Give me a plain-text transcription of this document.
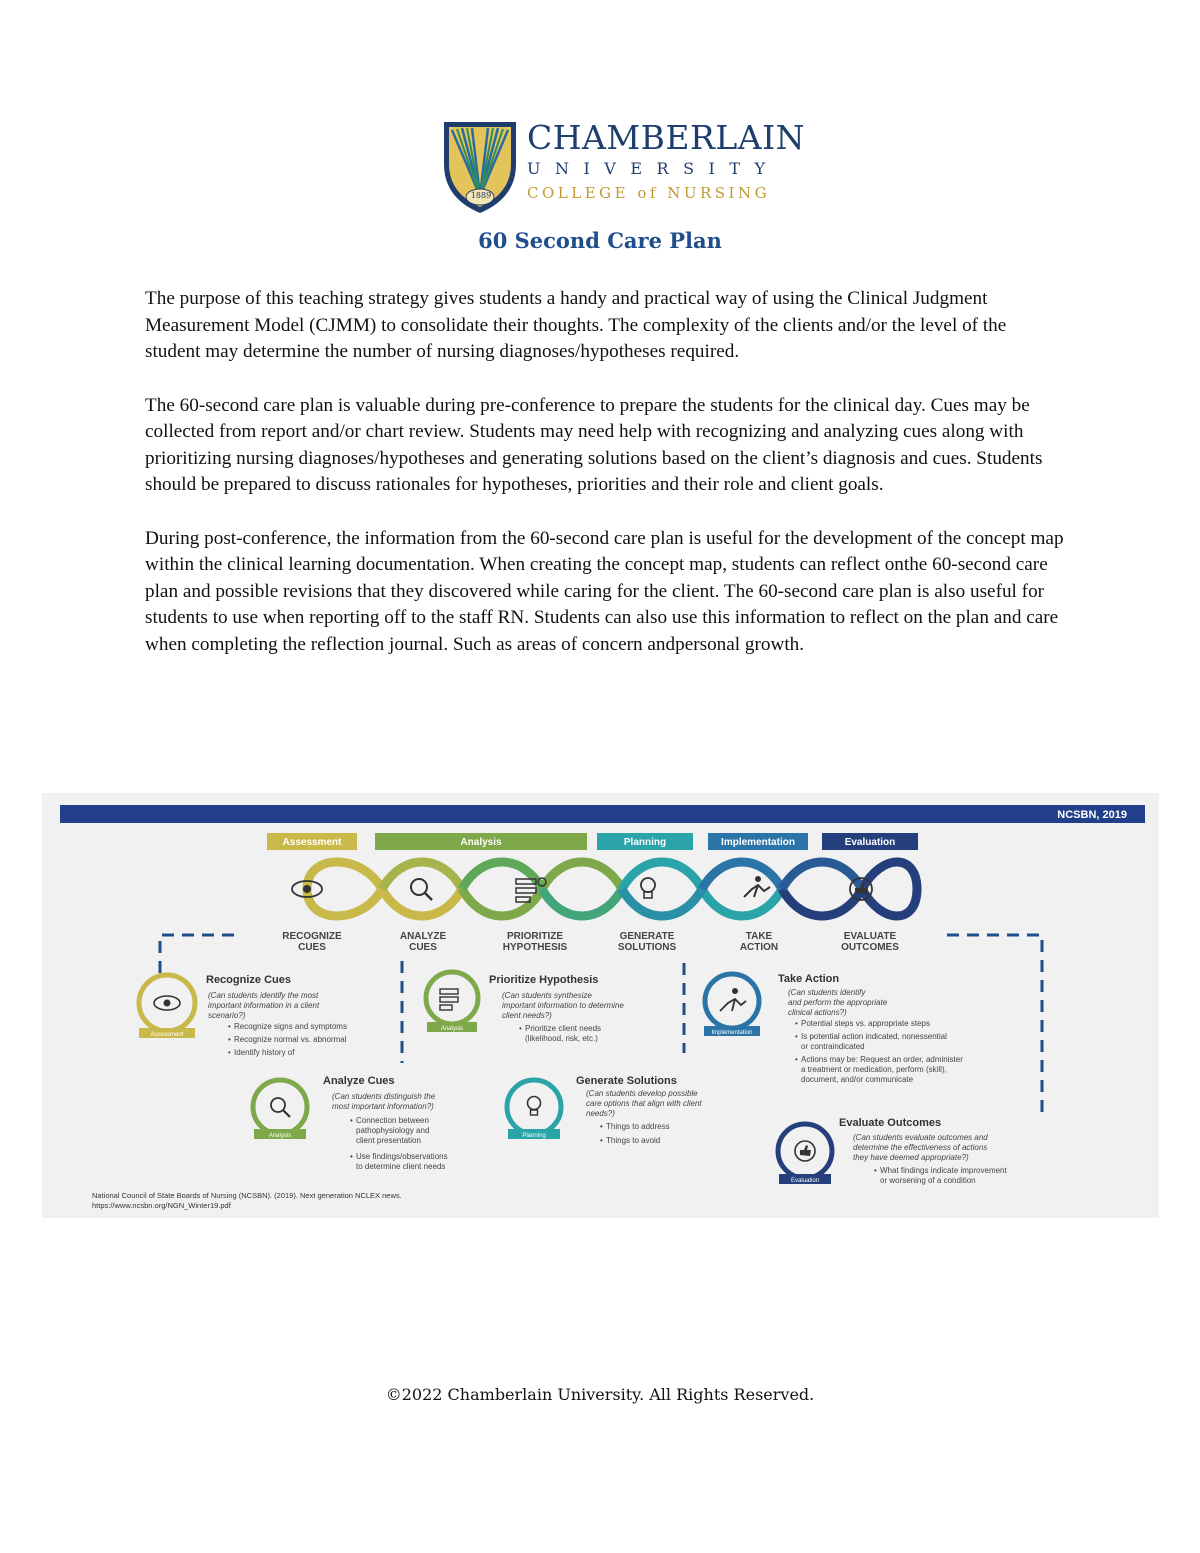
1889
CHAMBERLAIN
UNIVERSITY
COLLEGE of NURSING
60 Second Care Plan

The purpose of this teaching strategy gives students a handy and practical way of using the Clinical Judgment Measurement Model (CJMM) to consolidate their thoughts. The complexity of the clients and/or the level of the student may determine the number of nursing diagnoses/hypotheses required.

The 60-second care plan is valuable during pre-conference to prepare the students for the clinical day. Cues may be collected from report and/or chart review. Students may need help with recognizing and analyzing cues along with prioritizing nursing diagnoses/hypotheses and generating solutions based on the client’s diagnosis and cues. Students should be prepared to discuss rationales for hypotheses, priorities and their role and client goals.

During post-conference, the information from the 60-second care plan is useful for the development of the concept map within the clinical learning documentation. When creating the concept map, students can reflect onthe 60-second care plan and possible revisions that they discovered while caring for the client. The 60-second care plan is also useful for students to use when reporting off to the staff RN. Students can also use this information to reflect on the plan and care when completing the reflection journal. Such as areas of concern andpersonal growth.

NCSBN, 2019
Assessment	Analysis	Planning	Implementation	Evaluation
RECOGNIZE
CUES
ANALYZE
CUES
PRIORITIZE
HYPOTHESIS
GENERATE
SOLUTIONS
TAKE
ACTION
EVALUATE
OUTCOMES
Assessment
Analysis
Implementation
Analysis	Planning
Evaluation
Recognize Cues
(Can students identify the most
important information in a client
scenario?)
• Recognize signs and symptoms
• Recognize normal vs. abnormal
• Identify history of
Prioritize Hypothesis
(Can students synthesize
important information to determine
client needs?)
• Prioritize client needs
(likelihood, risk, etc.)
Take Action
(Can students identify
and perform the appropriate
clinical actions?)
• Potential steps vs. appropriate steps
• Is potential action indicated, nonessential
or contraindicated
• Actions may be: Request an order, administer
a treatment or medication, perform (skill),
document, and/or communicate
Analyze Cues
(Can students distinguish the
most important information?)
• Connection between
pathophysiology and
client presentation
• Use findings/observations
to determine client needs
Generate Solutions
(Can students develop possible
care options that align with client
needs?)
• Things to address
• Things to avoid
Evaluate Outcomes
(Can students evaluate outcomes and
determine the effectiveness of actions
they have deemed appropriate?)
• What findings indicate improvement
or worsening of a condition
National Council of State Boards of Nursing (NCSBN). (2019). Next generation NCLEX news.
https://www.ncsbn.org/NGN_Winter19.pdf
©2022 Chamberlain University. All Rights Reserved.
